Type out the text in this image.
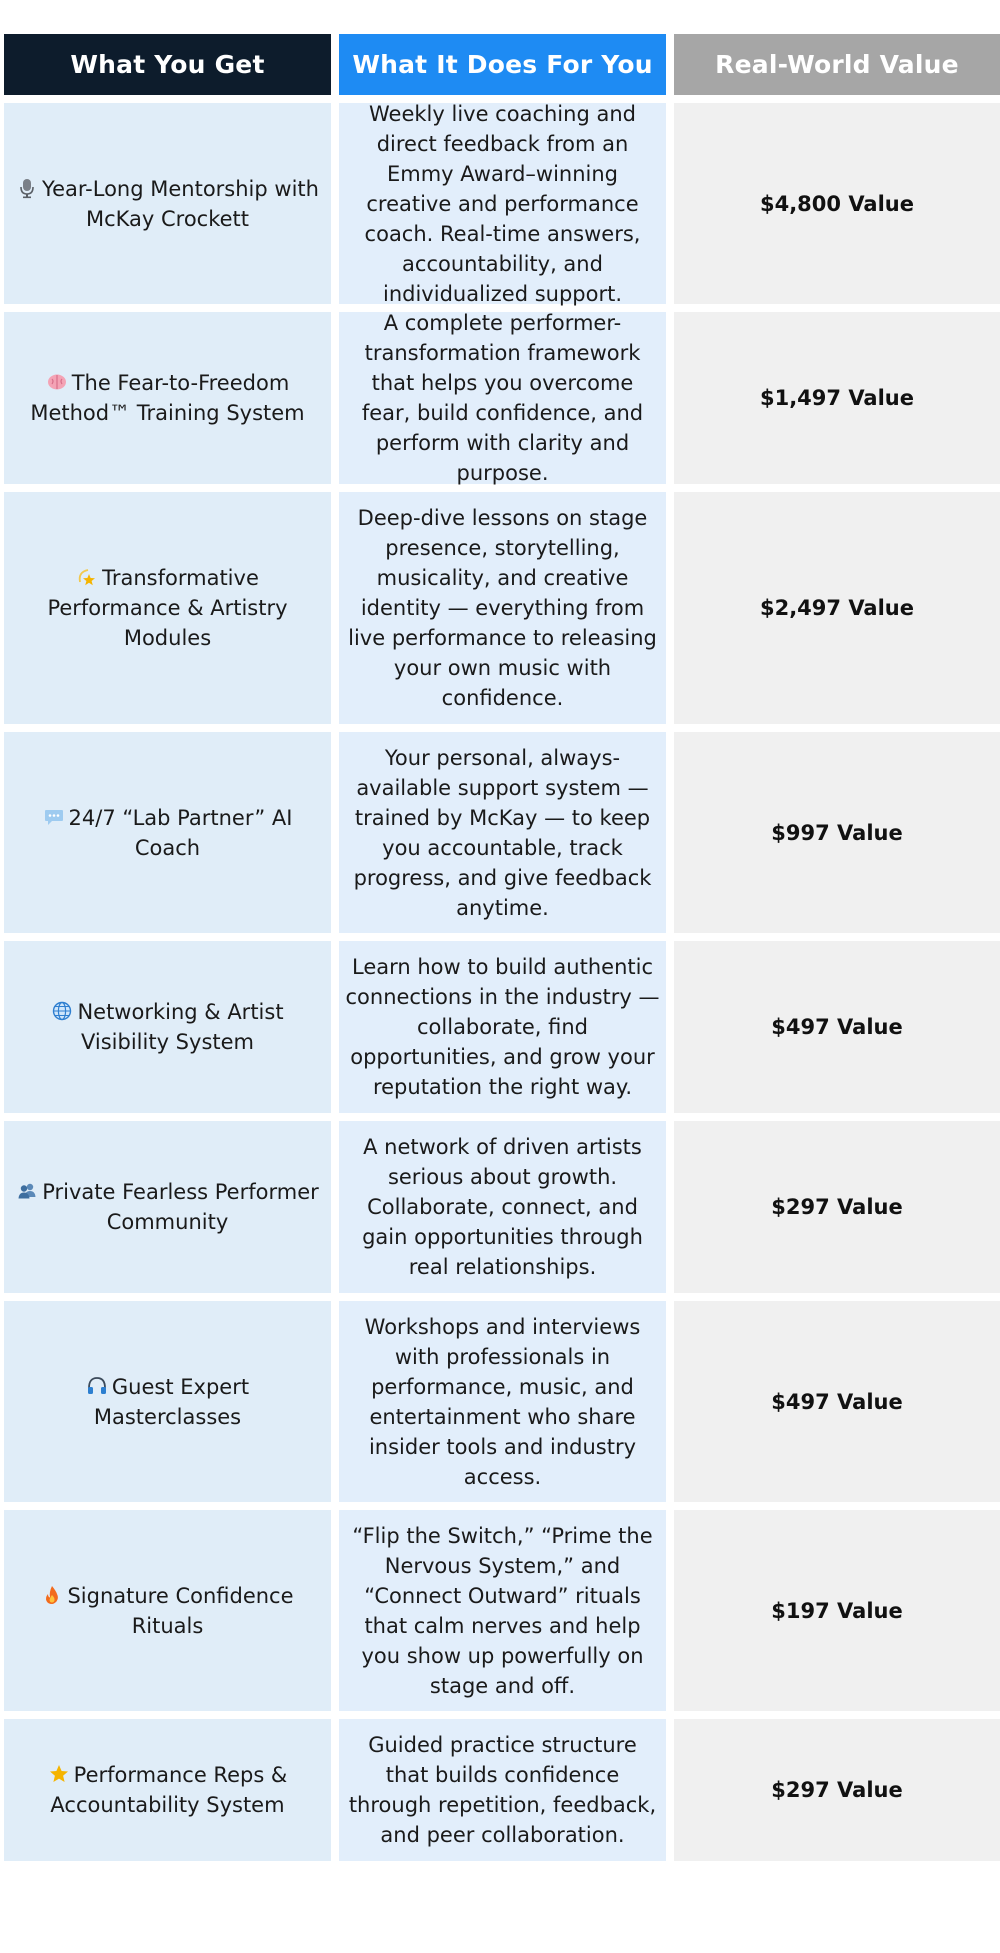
What You Get	What It Does For You	Real-World Value
Year-Long Mentorship with McKay Crockett
Weekly live coaching and direct feedback from an Emmy Award–winning creative and performance coach. Real-time answers, accountability, and individualized support.
$4,800 Value
The Fear-to-Freedom Method™ Training System
A complete performer-transformation framework that helps you overcome fear, build confidence, and perform with clarity and purpose.
$1,497 Value
Transformative Performance & Artistry Modules
Deep-dive lessons on stage presence, storytelling, musicality, and creative identity — everything from live performance to releasing your own music with confidence.
$2,497 Value
24/7 “Lab Partner” AI Coach
Your personal, always-available support system — trained by McKay — to keep you accountable, track progress, and give feedback anytime.
$997 Value
Networking & Artist Visibility System
Learn how to build authentic connections in the industry — collaborate, find opportunities, and grow your reputation the right way.
$497 Value
Private Fearless Performer Community
A network of driven artists serious about growth. Collaborate, connect, and gain opportunities through real relationships.
$297 Value
Guest Expert Masterclasses
Workshops and interviews with professionals in performance, music, and entertainment who share insider tools and industry access.
$497 Value
Signature Confidence Rituals
“Flip the Switch,” “Prime the Nervous System,” and “Connect Outward” rituals that calm nerves and help you show up powerfully on stage and off.
$197 Value
Performance Reps & Accountability System
Guided practice structure that builds confidence through repetition, feedback, and peer collaboration.
$297 Value
